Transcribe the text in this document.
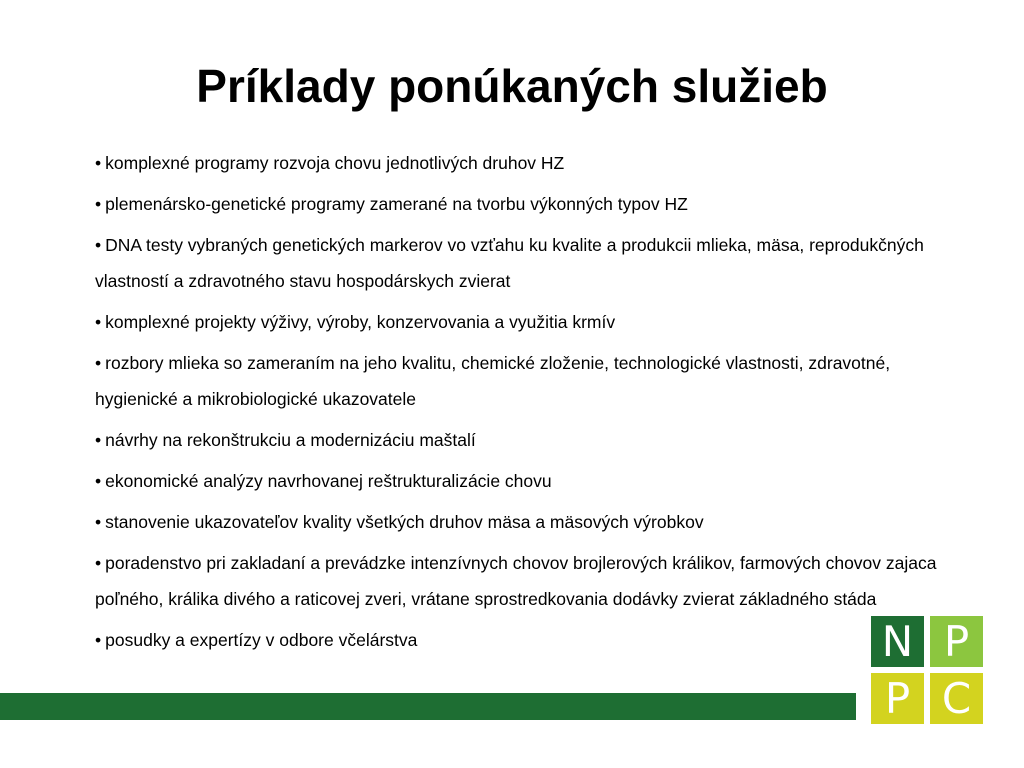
Príklady ponúkaných služieb
• komplexné programy rozvoja chovu jednotlivých druhov HZ
• plemenársko-genetické programy zamerané na tvorbu výkonných typov HZ
• DNA testy vybraných genetických markerov vo vzťahu ku kvalite a produkcii mlieka, mäsa, reprodukčných vlastností a zdravotného stavu hospodárskych zvierat
• komplexné projekty výživy, výroby, konzervovania a využitia krmív
• rozbory mlieka so zameraním na jeho kvalitu, chemické zloženie, technologické vlastnosti, zdravotné, hygienické a mikrobiologické ukazovatele
• návrhy na rekonštrukciu a modernizáciu maštalí
• ekonomické analýzy navrhovanej reštrukturalizácie chovu
• stanovenie ukazovateľov kvality všetkých druhov mäsa a mäsových výrobkov
• poradenstvo pri zakladaní a prevádzke intenzívnych chovov brojlerových králikov, farmových chovov zajaca poľného, králika divého a raticovej zveri, vrátane sprostredkovania dodávky zvierat základného stáda
• posudky a expertízy v odbore včelárstva	N P
P C
